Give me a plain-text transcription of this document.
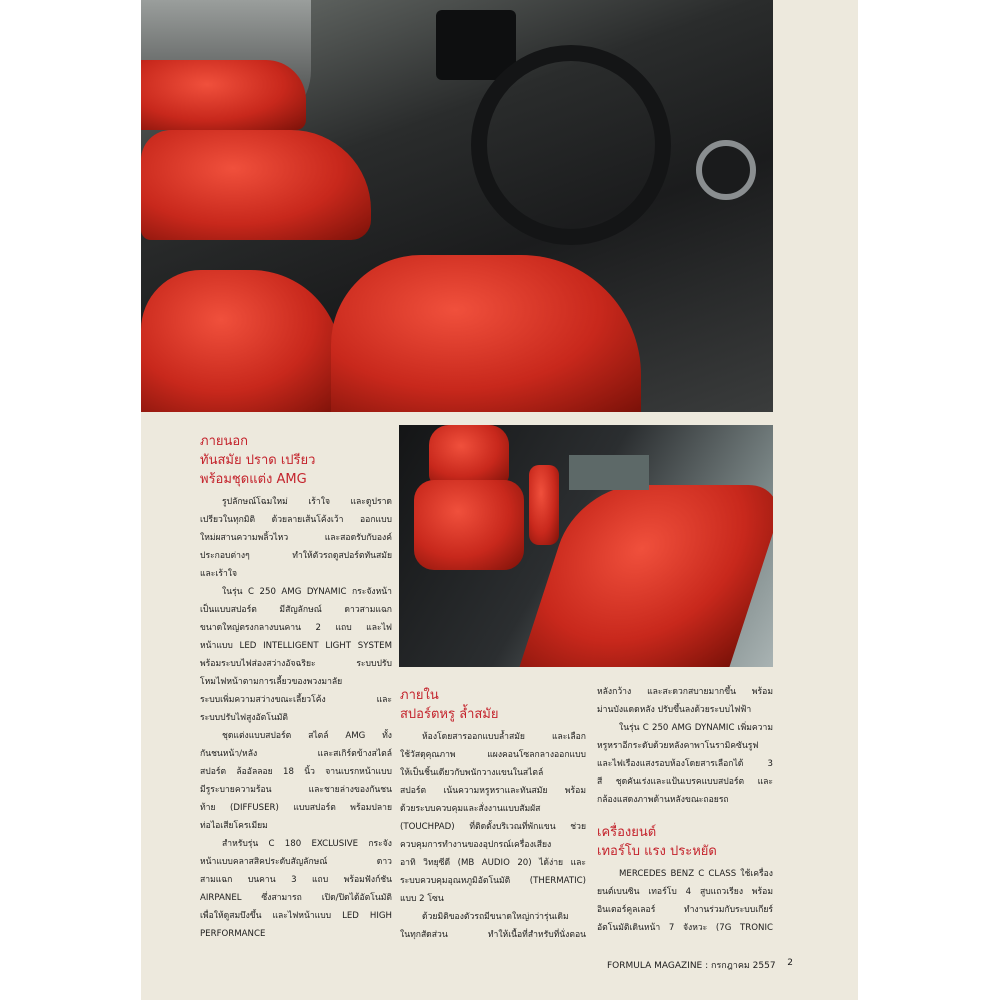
ภายนอก
ทันสมัย ปราด เปรียว
พร้อมชุดแต่ง AMG
รูปลักษณ์โฉมใหม่ เร้าใจ และดูปราด
เปรียวในทุกมิติ ด้วยลายเส้นโค้งเว้า ออกแบบ
ใหม่ผสานความพลิ้วไหว และสอดรับกับองค์
ประกอบต่างๆ ทำให้ตัวรถดูสปอร์ตทันสมัย
และเร้าใจ
ในรุ่น C 250 AMG DYNAMIC กระจังหน้า
เป็นแบบสปอร์ต มีสัญลักษณ์ ดาวสามแฉก
ขนาดใหญ่ตรงกลางบนคาน 2 แถบ และไฟ
หน้าแบบ LED INTELLIGENT LIGHT SYSTEM
พร้อมระบบไฟส่องสว่างอัจฉริยะ ระบบปรับ
โหมไฟหน้าตามการเลี้ยวของพวงมาลัย
ระบบเพิ่มความสว่างขณะเลี้ยวโค้ง และ
ระบบปรับไฟสูงอัตโนมัติ
ชุดแต่งแบบสปอร์ต สไตล์ AMG ทั้ง
กันชนหน้า/หลัง และสเกิร์ตข้างสไตล์
สปอร์ต ล้ออัลลอย 18 นิ้ว จานเบรกหน้าแบบ
มีรูระบายความร้อน และชายล่างของกันชน
ท้าย (DIFFUSER) แบบสปอร์ต พร้อมปลาย
ท่อไอเสียโครเมียม
สำหรับรุ่น C 180 EXCLUSIVE กระจัง
หน้าแบบคลาสสิคประดับสัญลักษณ์ ดาว
สามแฉก บนคาน 3 แถบ พร้อมฟังก์ชัน
AIRPANEL ซึ่งสามารถ เปิด/ปิดได้อัตโนมัติ
เพื่อให้ดูสมบึงขึ้น และไฟหน้าแบบ LED HIGH
PERFORMANCE
ภายใน
สปอร์ตหรู ล้ำสมัย
ห้องโดยสารออกแบบล้ำสมัย และเลือก
ใช้วัสดุคุณภาพ แผงคอนโซลกลางออกแบบ
ให้เป็นชิ้นเดียวกับพนักวางแขนในสไตล์
สปอร์ต เน้นความหรูหราและทันสมัย พร้อม
ด้วยระบบควบคุมและสั่งงานแบบสัมผัส
(TOUCHPAD) ที่ติดตั้งบริเวณที่พักแขน ช่วย
ควบคุมการทำงานของอุปกรณ์เครื่องเสียง
อาทิ วิทยุซีดี (MB AUDIO 20) ได้ง่าย และ
ระบบควบคุมอุณหภูมิอัตโนมัติ (THERMATIC)
แบบ 2 โซน
ด้วยมิติของตัวรถมีขนาดใหญ่กว่ารุ่นเดิม
ในทุกสัดส่วน ทำให้เนื้อที่สำหรับที่นั่งตอน
หลังกว้าง และสะดวกสบายมากขึ้น พร้อม
ม่านบังแดดหลัง ปรับขึ้นลงด้วยระบบไฟฟ้า
ในรุ่น C 250 AMG DYNAMIC เพิ่มความ
หรูหราอีกระดับด้วยหลังคาพาโนรามิคซันรูฟ
และไฟเรืองแสงรอบห้องโดยสารเลือกได้ 3
สี ชุดคันเร่งและแป้นเบรคแบบสปอร์ต และ
กล้องแสดงภาพด้านหลังขณะถอยรถ
เครื่องยนต์
เทอร์โบ แรง ประหยัด
MERCEDES BENZ C CLASS ใช้เครื่อง
ยนต์เบนซิน เทอร์โบ 4 สูบแถวเรียง พร้อม
อินเตอร์คูลเลอร์ ทำงานร่วมกับระบบเกียร์
อัตโนมัติเดินหน้า 7 จังหวะ (7G TRONIC
FORMULA MAGAZINE : กรกฎาคม 2557 2
